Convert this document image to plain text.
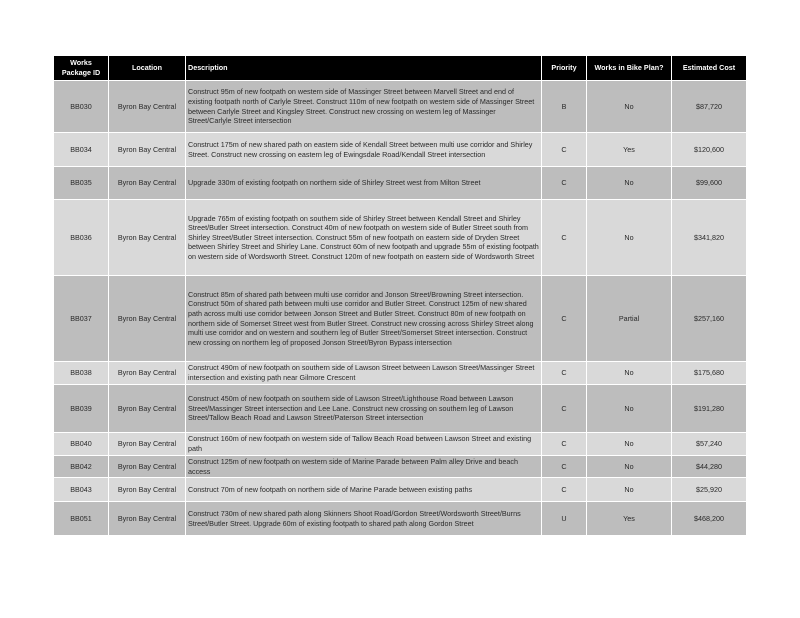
Works Package ID	Location	Description	Priority	Works in Bike Plan?	Estimated Cost
BB030	Byron Bay Central	Construct 95m of new footpath on western side of Massinger Street between Marvell Street and end of existing footpath north of Carlyle Street. Construct 110m of new footpath on western side of Massinger Street between Carlyle Street and Kingsley Street. Construct new crossing on western leg of Massinger Street/Carlyle Street intersection	B	No	$87,720
BB034	Byron Bay Central	Construct 175m of new shared path on eastern side of Kendall Street between multi use corridor and Shirley Street. Construct new crossing on eastern leg of Ewingsdale Road/Kendall Street intersection	C	Yes	$120,600
BB035	Byron Bay Central	Upgrade 330m of existing footpath on northern side of Shirley Street west from Milton Street	C	No	$99,600
BB036	Byron Bay Central	Upgrade 765m of existing footpath on southern side of Shirley Street between Kendall Street and Shirley Street/Butler Street intersection. Construct 40m of new footpath on western side of Butler Street south from Shirley Street/Butler Street intersection. Construct 55m of new footpath on eastern side of Dryden Street between Shirley Street and Shirley Lane. Construct 60m of new footpath and upgrade 55m of existing footpath on western side of Wordsworth Street. Construct 120m of new footpath on eastern side of Wordsworth Street	C	No	$341,820
BB037	Byron Bay Central	Construct 85m of shared path between multi use corridor and Jonson Street/Browning Street intersection. Construct 50m of shared path between multi use corridor and Butler Street. Construct 125m of new shared path across multi use corridor between Jonson Street and Butler Street. Construct 80m of new footpath on northern side of Somerset Street west from Butler Street. Construct new crossing across Shirley Street along multi use corridor and on western and southern leg of Butler Street/Somerset Street intersection. Construct new crossing on northern leg of proposed Jonson Street/Byron Bypass intersection	C	Partial	$257,160
BB038	Byron Bay Central	Construct 490m of new footpath on southern side of Lawson Street between Lawson Street/Massinger Street intersection and existing path near Gilmore Crescent	C	No	$175,680
BB039	Byron Bay Central	Construct 450m of new footpath on southern side of Lawson Street/Lighthouse Road between Lawson Street/Massinger Street intersection and Lee Lane. Construct new crossing on southern leg of Lawson Street/Tallow Beach Road and Lawson Street/Paterson Street intersection	C	No	$191,280
BB040	Byron Bay Central	Construct 160m of new footpath on western side of Tallow Beach Road between Lawson Street and existing path	C	No	$57,240
BB042	Byron Bay Central	Construct 125m of new footpath on western side of Marine Parade between Palm alley Drive and beach access	C	No	$44,280
BB043	Byron Bay Central	Construct 70m of new footpath on northern side of Marine Parade between existing paths	C	No	$25,920
BB051	Byron Bay Central	Construct 730m of new shared path along Skinners Shoot Road/Gordon Street/Wordsworth Street/Burns Street/Butler Street. Upgrade 60m of existing footpath to shared path along Gordon Street	U	Yes	$468,200
